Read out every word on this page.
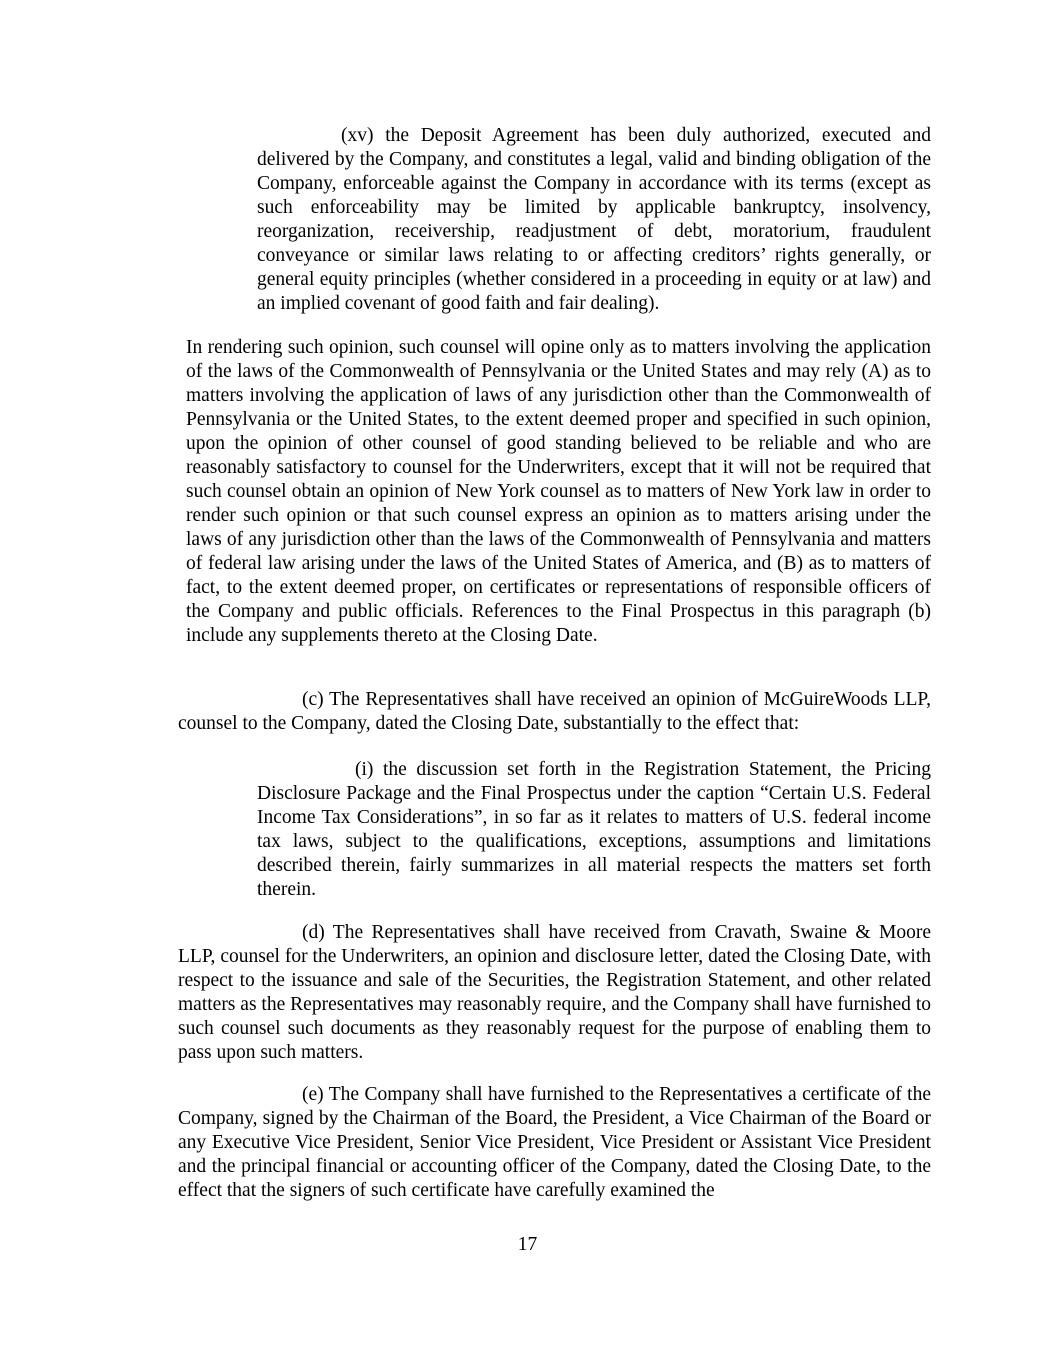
(xv) the Deposit Agreement has been duly authorized, executed and delivered by the Company, and constitutes a legal, valid and binding obligation of the Company, enforceable against the Company in accordance with its terms (except as such enforceability may be limited by applicable bankruptcy, insolvency, reorganization, receivership, readjustment of debt, moratorium, fraudulent conveyance or similar laws relating to or affecting creditors’ rights generally, or general equity principles (whether considered in a proceeding in equity or at law) and an implied covenant of good faith and fair dealing).

In rendering such opinion, such counsel will opine only as to matters involving the application of the laws of the Commonwealth of Pennsylvania or the United States and may rely (A) as to matters involving the application of laws of any jurisdiction other than the Commonwealth of Pennsylvania or the United States, to the extent deemed proper and specified in such opinion, upon the opinion of other counsel of good standing believed to be reliable and who are reasonably satisfactory to counsel for the Underwriters, except that it will not be required that such counsel obtain an opinion of New York counsel as to matters of New York law in order to render such opinion or that such counsel express an opinion as to matters arising under the laws of any jurisdiction other than the laws of the Commonwealth of Pennsylvania and matters of federal law arising under the laws of the United States of America, and (B) as to matters of fact, to the extent deemed proper, on certificates or representations of responsible officers of the Company and public officials. References to the Final Prospectus in this paragraph (b) include any supplements thereto at the Closing Date.

(c) The Representatives shall have received an opinion of McGuireWoods LLP, counsel to the Company, dated the Closing Date, substantially to the effect that:

(i) the discussion set forth in the Registration Statement, the Pricing Disclosure Package and the Final Prospectus under the caption “Certain U.S. Federal Income Tax Considerations”, in so far as it relates to matters of U.S. federal income tax laws, subject to the qualifications, exceptions, assumptions and limitations described therein, fairly summarizes in all material respects the matters set forth therein.

(d) The Representatives shall have received from Cravath, Swaine & Moore LLP, counsel for the Underwriters, an opinion and disclosure letter, dated the Closing Date, with respect to the issuance and sale of the Securities, the Registration Statement, and other related matters as the Representatives may reasonably require, and the Company shall have furnished to such counsel such documents as they reasonably request for the purpose of enabling them to pass upon such matters.

(e) The Company shall have furnished to the Representatives a certificate of the Company, signed by the Chairman of the Board, the President, a Vice Chairman of the Board or any Executive Vice President, Senior Vice President, Vice President or Assistant Vice President and the principal financial or accounting officer of the Company, dated the Closing Date, to the effect that the signers of such certificate have carefully examined the

17
